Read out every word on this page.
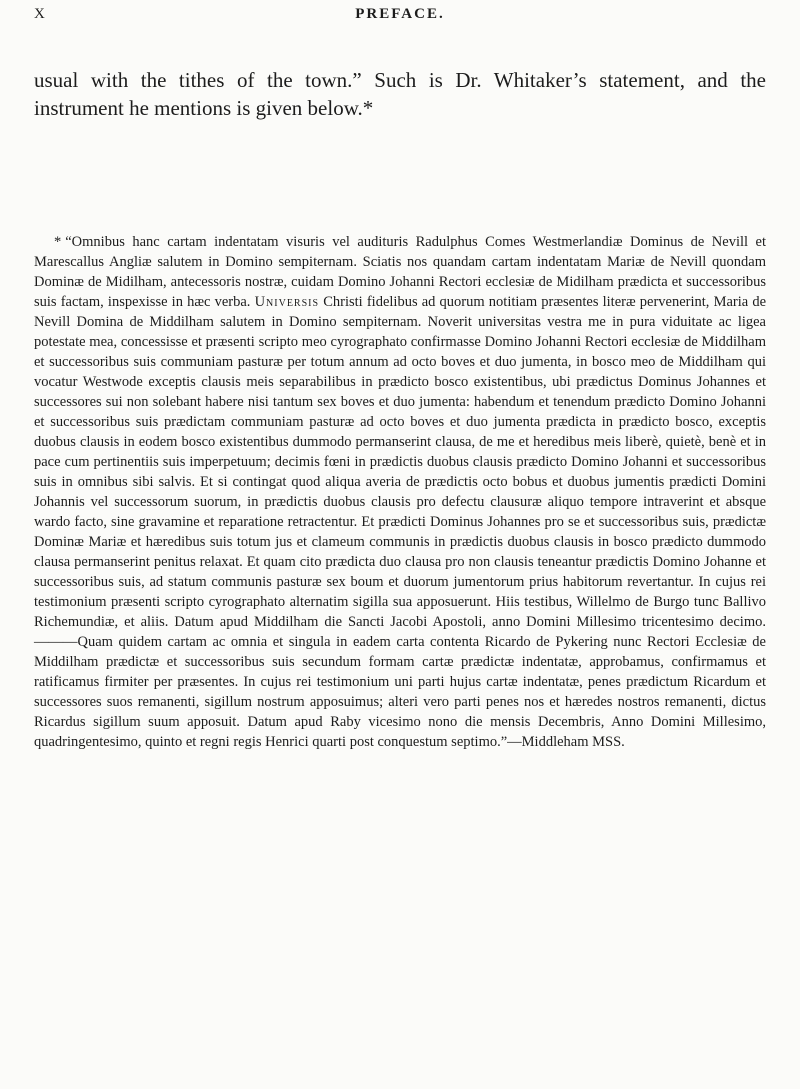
X	PREFACE.

usual with the tithes of the town.” Such is Dr. Whitaker’s statement, and the instrument he mentions is given below.*

* “Omnibus hanc cartam indentatam visuris vel audituris Radulphus Comes Westmerlandiæ Dominus de Nevill et Marescallus Angliæ salutem in Domino sempiternam. Sciatis nos quandam cartam indentatam Mariæ de Nevill quondam Dominæ de Midilham, antecessoris nostræ, cuidam Domino Johanni Rectori ecclesiæ de Midilham prædicta et successoribus suis factam, inspexisse in hæc verba. Universis Christi fidelibus ad quorum notitiam præsentes literæ pervenerint, Maria de Nevill Domina de Middilham salutem in Domino sempiternam. Noverit universitas vestra me in pura viduitate ac ligea potestate mea, concessisse et præsenti scripto meo cyrographato confirmasse Domino Johanni Rectori ecclesiæ de Middilham et successoribus suis communiam pasturæ per totum annum ad octo boves et duo jumenta, in bosco meo de Middilham qui vocatur Westwode exceptis clausis meis separabilibus in prædicto bosco existentibus, ubi prædictus Dominus Johannes et successores sui non solebant habere nisi tantum sex boves et duo jumenta: habendum et tenendum prædicto Domino Johanni et successoribus suis prædictam communiam pasturæ ad octo boves et duo jumenta prædicta in prædicto bosco, exceptis duobus clausis in eodem bosco existentibus dummodo permanserint clausa, de me et heredibus meis liberè, quietè, benè et in pace cum pertinentiis suis imperpetuum; decimis fœni in prædictis duobus clausis prædicto Domino Johanni et successoribus suis in omnibus sibi salvis. Et si contingat quod aliqua averia de prædictis octo bobus et duobus jumentis prædicti Domini Johannis vel successorum suorum, in prædictis duobus clausis pro defectu clausuræ aliquo tempore intraverint et absque wardo facto, sine gravamine et reparatione retractentur. Et prædicti Dominus Johannes pro se et successoribus suis, prædictæ Dominæ Mariæ et hæredibus suis totum jus et clameum communis in prædictis duobus clausis in bosco prædicto dummodo clausa permanserint penitus relaxat. Et quam cito prædicta duo clausa pro non clausis teneantur prædictis Domino Johanne et successoribus suis, ad statum communis pasturæ sex boum et duorum jumentorum prius habitorum revertantur. In cujus rei testimonium præsenti scripto cyrographato alternatim sigilla sua apposuerunt. Hiis testibus, Willelmo de Burgo tunc Ballivo Richemundiæ, et aliis. Datum apud Middilham die Sancti Jacobi Apostoli, anno Domini Millesimo tricentesimo decimo.———Quam quidem cartam ac omnia et singula in eadem carta contenta Ricardo de Pykering nunc Rectori Ecclesiæ de Middilham prædictæ et successoribus suis secundum formam cartæ prædictæ indentatæ, approbamus, confirmamus et ratificamus firmiter per præsentes. In cujus rei testimonium uni parti hujus cartæ indentatæ, penes prædictum Ricardum et successores suos remanenti, sigillum nostrum apposuimus; alteri vero parti penes nos et hæredes nostros remanenti, dictus Ricardus sigillum suum apposuit. Datum apud Raby vicesimo nono die mensis Decembris, Anno Domini Millesimo, quadringentesimo, quinto et regni regis Henrici quarti post conquestum septimo.”—Middleham MSS.
